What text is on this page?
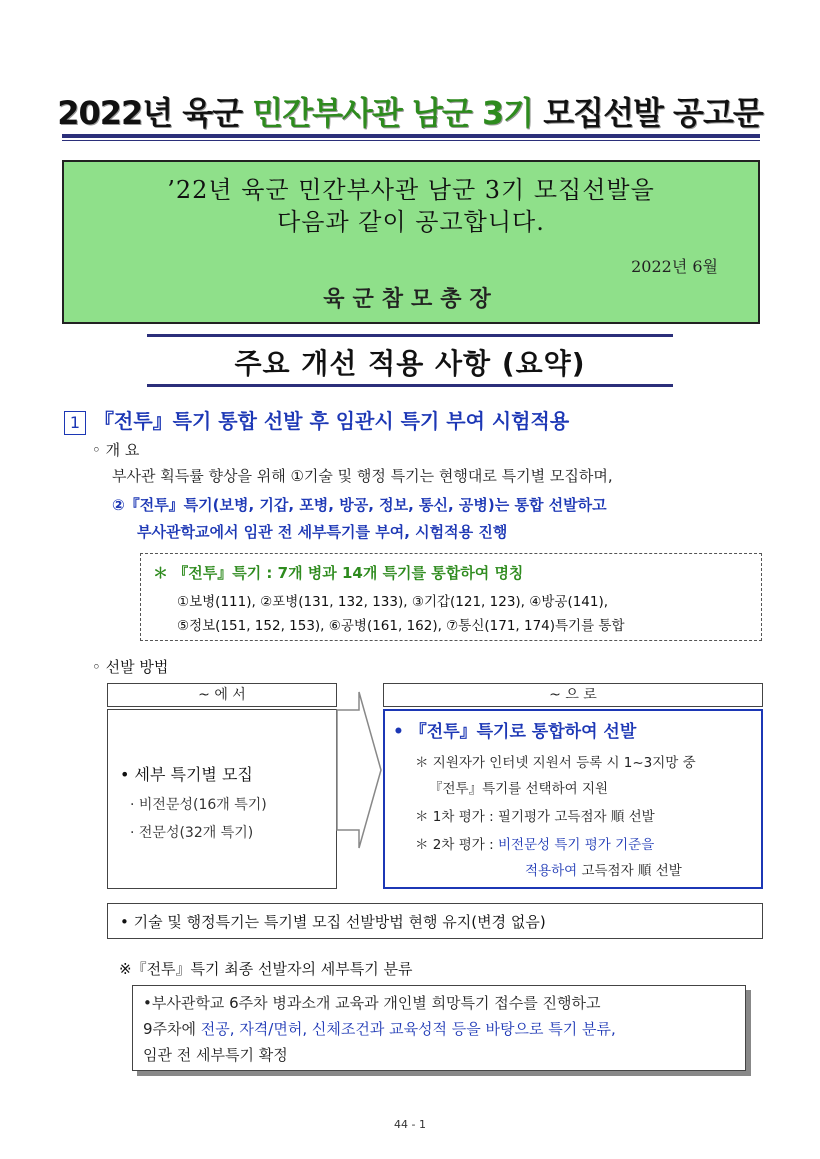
2022년 육군 민간부사관 남군 3기 모집선발 공고문
’22년 육군 민간부사관 남군 3기 모집선발을
다음과 같이 공고합니다.
2022년 6월
육군참모총장
주요 개선 적용 사항 (요약)
1 『전투』특기 통합 선발 후 임관시 특기 부여 시험적용
◦ 개 요
부사관 획득률 향상을 위해 ①기술 및 행정 특기는 현행대로 특기별 모집하며,
②『전투』특기(보병, 기갑, 포병, 방공, 정보, 통신, 공병)는 통합 선발하고
부사관학교에서 임관 전 세부특기를 부여, 시험적용 진행
＊ 『전투』특기 : 7개 병과 14개 특기를 통합하여 명칭
①보병(111), ②포병(131, 132, 133), ③기갑(121, 123), ④방공(141),
⑤정보(151, 152, 153), ⑥공병(161, 162), ⑦통신(171, 174)특기를 통합
◦ 선발 방법
~ 에 서
• 세부 특기별 모집
· 비전문성(16개 특기)
· 전문성(32개 특기)
~ 으 로
• 『전투』특기로 통합하여 선발
＊ 지원자가 인터넷 지원서 등록 시 1~3지망 중
『전투』특기를 선택하여 지원
＊ 1차 평가 : 필기평가 고득점자 順 선발
＊ 2차 평가 : 비전문성 특기 평가 기준을
적용하여 고득점자 順 선발
• 기술 및 행정특기는 특기별 모집 선발방법 현행 유지(변경 없음)
※『전투』특기 최종 선발자의 세부특기 분류
•부사관학교 6주차 병과소개 교육과 개인별 희망특기 접수를 진행하고
9주차에 전공, 자격/면허, 신체조건과 교육성적 등을 바탕으로 특기 분류,
임관 전 세부특기 확정
44 - 1
